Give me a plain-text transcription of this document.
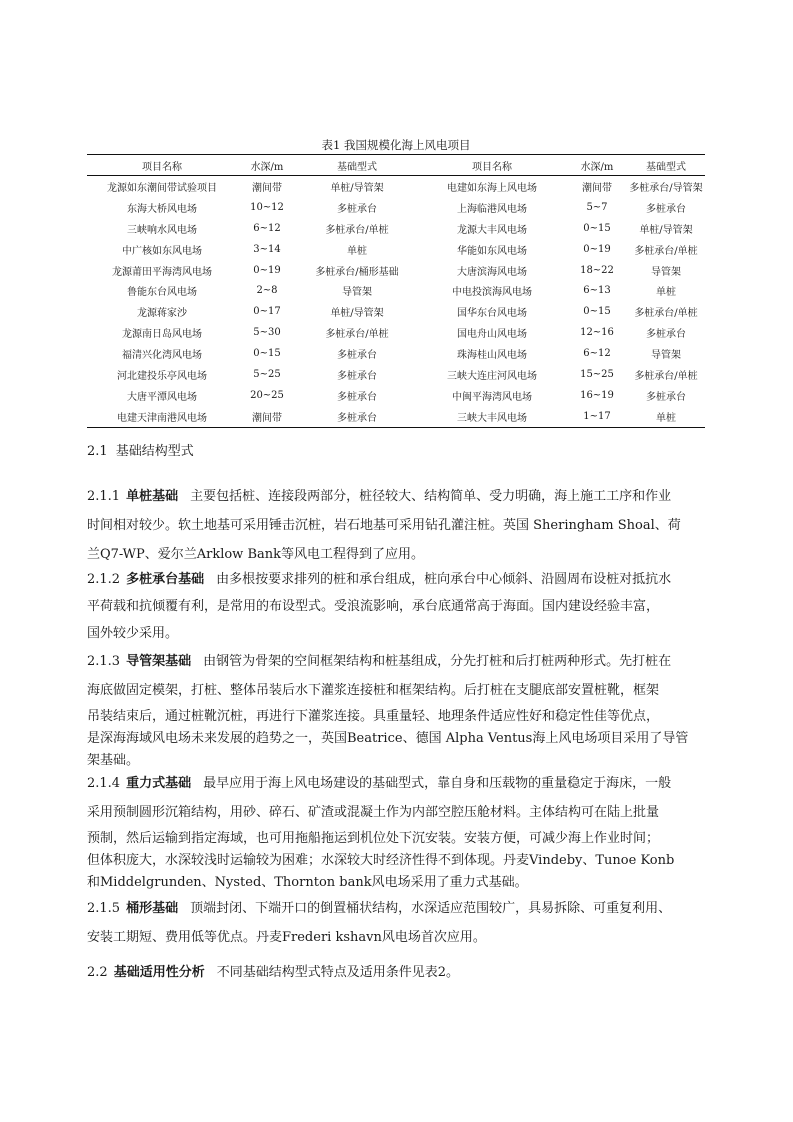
表1 我国规模化海上风电项目
项目名称	水深/m	基础型式	项目名称	水深/m	基础型式
龙源如东潮间带试验项目	潮间带	单桩/导管架	电建如东海上风电场	潮间带	多桩承台/导管架
东海大桥风电场	10~12	多桩承台	上海临港风电场	5~7	多桩承台
三峡响水风电场	6~12	多桩承台/单桩	龙源大丰风电场	0~15	单桩/导管架
中广核如东风电场	3~14	单桩	华能如东风电场	0~19	多桩承台/单桩
龙源莆田平海湾风电场	0~19	多桩承台/桶形基础	大唐滨海风电场	18~22	导管架
鲁能东台风电场	2~8	导管架	中电投滨海风电场	6~13	单桩
龙源蒋家沙	0~17	单桩/导管架	国华东台风电场	0~15	多桩承台/单桩
龙源南日岛风电场	5~30	多桩承台/单桩	国电舟山风电场	12~16	多桩承台
福清兴化湾风电场	0~15	多桩承台	珠海桂山风电场	6~12	导管架
河北建投乐亭风电场	5~25	多桩承台	三峡大连庄河风电场	15~25	多桩承台/单桩
大唐平潭风电场	20~25	多桩承台	中闽平海湾风电场	16~19	多桩承台
电建天津南港风电场	潮间带	多桩承台	三峡大丰风电场	1~17	单桩
2.1 基础结构型式

2.1.1 单桩基础 主要包括桩、连接段两部分，桩径较大、结构简单、受力明确，海上施工工序和作业

时间相对较少。软土地基可采用锤击沉桩，岩石地基可采用钻孔灌注桩。英国 Sheringham Shoal、荷

兰Q7-WP、爱尔兰Arklow Bank等风电工程得到了应用。

2.1.2 多桩承台基础 由多根按要求排列的桩和承台组成，桩向承台中心倾斜、沿圆周布设桩对抵抗水

平荷载和抗倾覆有利，是常用的布设型式。受浪流影响，承台底通常高于海面。国内建设经验丰富，

国外较少采用。

2.1.3 导管架基础 由钢管为骨架的空间框架结构和桩基组成，分先打桩和后打桩两种形式。先打桩在

海底做固定模架，打桩、整体吊装后水下灌浆连接桩和框架结构。后打桩在支腿底部安置桩靴，框架

吊装结束后，通过桩靴沉桩，再进行下灌浆连接。具重量轻、地理条件适应性好和稳定性佳等优点，

是深海海域风电场未来发展的趋势之一，英国Beatrice、德国 Alpha Ventus海上风电场项目采用了导管

架基础。

2.1.4 重力式基础 最早应用于海上风电场建设的基础型式，靠自身和压载物的重量稳定于海床，一般

采用预制圆形沉箱结构，用砂、碎石、矿渣或混凝土作为内部空腔压舱材料。主体结构可在陆上批量

预制，然后运输到指定海域，也可用拖船拖运到机位处下沉安装。安装方便，可减少海上作业时间；

但体积庞大，水深较浅时运输较为困难；水深较大时经济性得不到体现。丹麦Vindeby、Tunoe Konb

和Middelgrunden、Nysted、Thornton bank风电场采用了重力式基础。

2.1.5 桶形基础 顶端封闭、下端开口的倒置桶状结构，水深适应范围较广，具易拆除、可重复利用、

安装工期短、费用低等优点。丹麦Frederi kshavn风电场首次应用。

2.2 基础适用性分析 不同基础结构型式特点及适用条件见表2。
